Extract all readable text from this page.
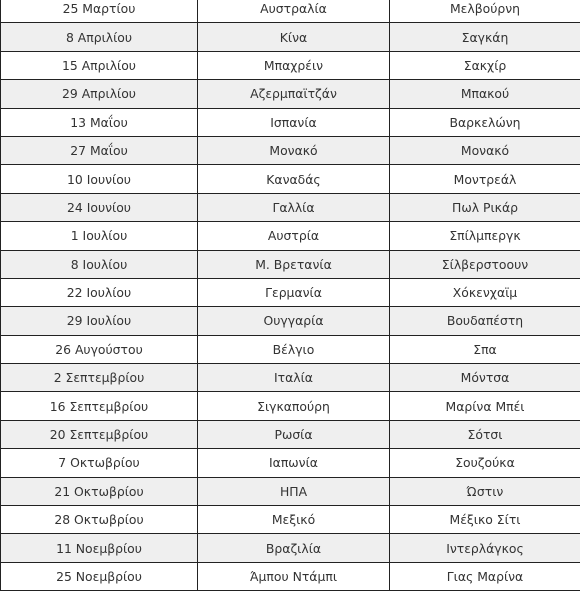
25 Μαρτίου	Αυστραλία	Μελβούρνη
8 Απριλίου	Κίνα	Σαγκάη
15 Απριλίου	Μπαχρέιν	Σακχίρ
29 Απριλίου	Αζερμπαϊτζάν	Μπακού
13 Μαΐου	Ισπανία	Βαρκελώνη
27 Μαΐου	Μονακό	Μονακό
10 Ιουνίου	Καναδάς	Μοντρεάλ
24 Ιουνίου	Γαλλία	Πωλ Ρικάρ
1 Ιουλίου	Αυστρία	Σπίλμπεργκ
8 Ιουλίου	Μ. Βρετανία	Σίλβερστοουν
22 Ιουλίου	Γερμανία	Χόκενχαϊμ
29 Ιουλίου	Ουγγαρία	Βουδαπέστη
26 Αυγούστου	Βέλγιο	Σπα
2 Σεπτεμβρίου	Ιταλία	Μόντσα
16 Σεπτεμβρίου	Σιγκαπούρη	Μαρίνα Μπέι
20 Σεπτεμβρίου	Ρωσία	Σότσι
7 Οκτωβρίου	Ιαπωνία	Σουζούκα
21 Οκτωβρίου	ΗΠΑ	Ώστιν
28 Οκτωβρίου	Μεξικό	Μέξικο Σίτι
11 Νοεμβρίου	Βραζιλία	Ιντερλάγκος
25 Νοεμβρίου	Άμπου Ντάμπι	Γιας Μαρίνα
